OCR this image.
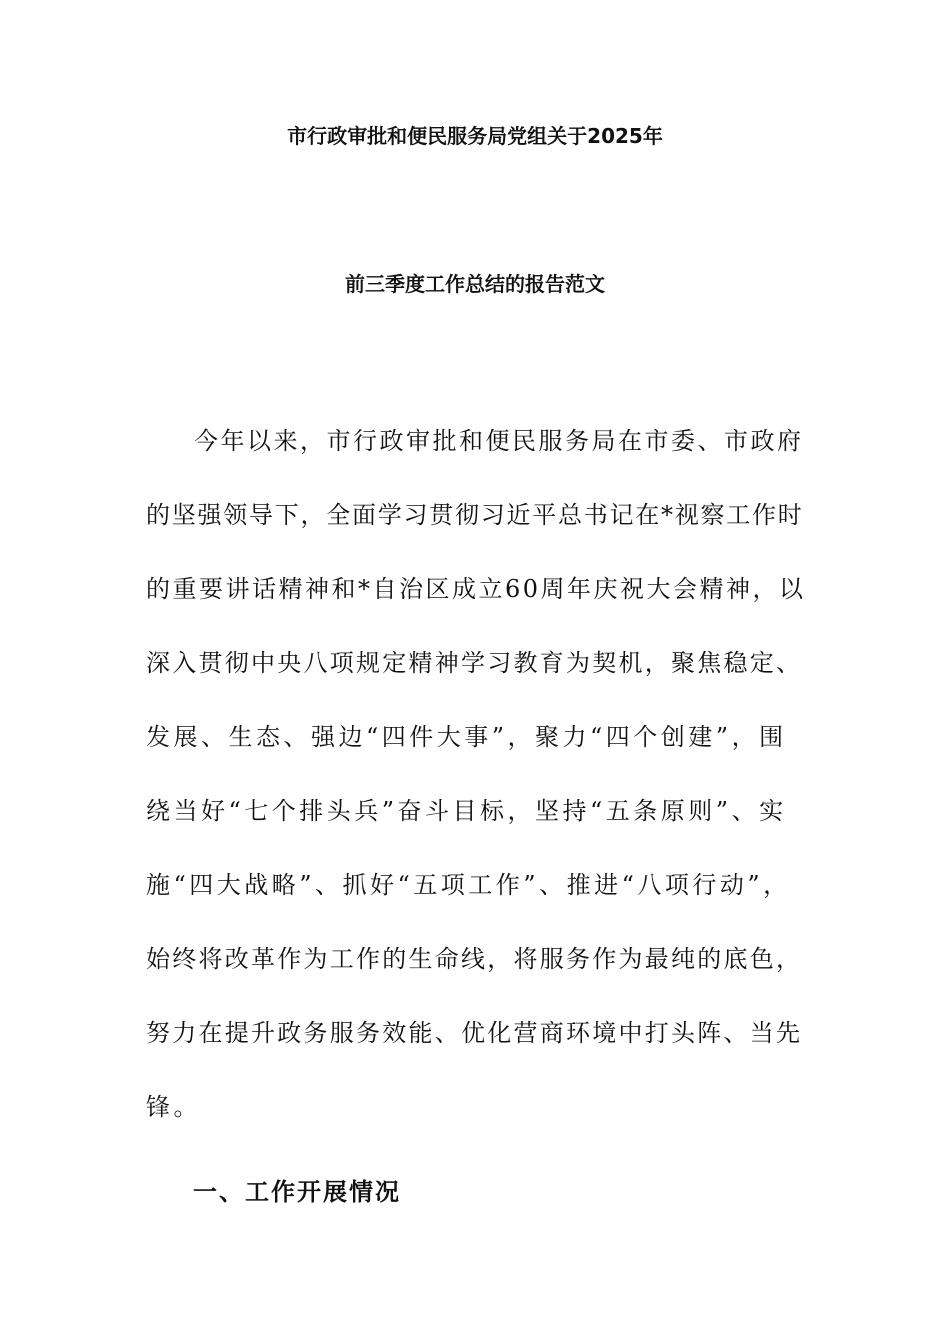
市行政审批和便民服务局党组关于2025年
前三季度工作总结的报告范文
今年以来，市行政审批和便民服务局在市委、市政府
的坚强领导下，全面学习贯彻习近平总书记在*视察工作时
的重要讲话精神和*自治区成立60周年庆祝大会精神，以
深入贯彻中央八项规定精神学习教育为契机，聚焦稳定、
发展、生态、强边“四件大事”，聚力“四个创建”，围
绕当好“七个排头兵”奋斗目标，坚持“五条原则”、实
施“四大战略”、抓好“五项工作”、推进“八项行动”，
始终将改革作为工作的生命线，将服务作为最纯的底色，
努力在提升政务服务效能、优化营商环境中打头阵、当先
锋。
一、工作开展情况
